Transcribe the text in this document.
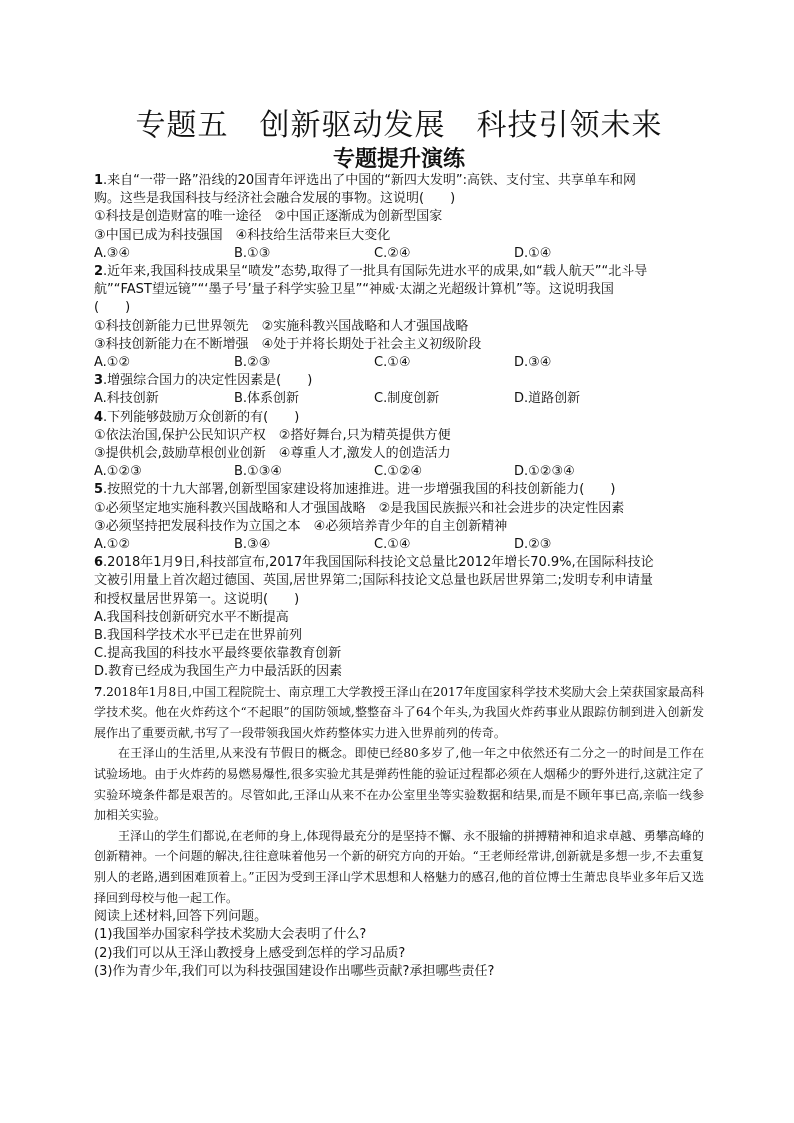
专题五　创新驱动发展　科技引领未来
专题提升演练

1.来自“一带一路”沿线的20国青年评选出了中国的“新四大发明”:高铁、支付宝、共享单车和网

购。这些是我国科技与经济社会融合发展的事物。这说明(　　)

①科技是创造财富的唯一途径　②中国正逐渐成为创新型国家

③中国已成为科技强国　④科技给生活带来巨大变化

A.③④	B.①③	C.②④	D.①④

2.近年来,我国科技成果呈“喷发”态势,取得了一批具有国际先进水平的成果,如“载人航天”“北斗导

航”“FAST望远镜”“‘墨子号’量子科学实验卫星”“神威·太湖之光超级计算机”等。这说明我国

(　　)

①科技创新能力已世界领先　②实施科教兴国战略和人才强国战略

③科技创新能力在不断增强　④处于并将长期处于社会主义初级阶段

A.①②	B.②③	C.①④	D.③④

3.增强综合国力的决定性因素是(　　)

A.科技创新	B.体系创新	C.制度创新	D.道路创新

4.下列能够鼓励万众创新的有(　　)

①依法治国,保护公民知识产权　②搭好舞台,只为精英提供方便

③提供机会,鼓励草根创业创新　④尊重人才,激发人的创造活力

A.①②③	B.①③④	C.①②④	D.①②③④

5.按照党的十九大部署,创新型国家建设将加速推进。进一步增强我国的科技创新能力(　　)

①必须坚定地实施科教兴国战略和人才强国战略　②是我国民族振兴和社会进步的决定性因素

③必须坚持把发展科技作为立国之本　④必须培养青少年的自主创新精神

A.①②	B.③④	C.①④	D.②③

6.2018年1月9日,科技部宣布,2017年我国国际科技论文总量比2012年增长70.9%,在国际科技论

文被引用量上首次超过德国、英国,居世界第二;国际科技论文总量也跃居世界第二;发明专利申请量

和授权量居世界第一。这说明(　　)

A.我国科技创新研究水平不断提高

B.我国科学技术水平已走在世界前列

C.提高我国的科技水平最终要依靠教育创新

D.教育已经成为我国生产力中最活跃的因素

7.2018年1月8日,中国工程院院士、南京理工大学教授王泽山在2017年度国家科学技术奖励大会上荣获国家最高科学技术奖。他在火炸药这个“不起眼”的国防领域,整整奋斗了64个年头,为我国火炸药事业从跟踪仿制到进入创新发展作出了重要贡献,书写了一段带领我国火炸药整体实力进入世界前列的传奇。

在王泽山的生活里,从来没有节假日的概念。即使已经80多岁了,他一年之中依然还有二分之一的时间是工作在试验场地。由于火炸药的易燃易爆性,很多实验尤其是弹药性能的验证过程都必须在人烟稀少的野外进行,这就注定了实验环境条件都是艰苦的。尽管如此,王泽山从来不在办公室里坐等实验数据和结果,而是不顾年事已高,亲临一线参加相关实验。

王泽山的学生们都说,在老师的身上,体现得最充分的是坚持不懈、永不服输的拼搏精神和追求卓越、勇攀高峰的创新精神。一个问题的解决,往往意味着他另一个新的研究方向的开始。“王老师经常讲,创新就是多想一步,不去重复别人的老路,遇到困难顶着上。”正因为受到王泽山学术思想和人格魅力的感召,他的首位博士生萧忠良毕业多年后又选择回到母校与他一起工作。

阅读上述材料,回答下列问题。

(1)我国举办国家科学技术奖励大会表明了什么?

(2)我们可以从王泽山教授身上感受到怎样的学习品质?

(3)作为青少年,我们可以为科技强国建设作出哪些贡献?承担哪些责任?
